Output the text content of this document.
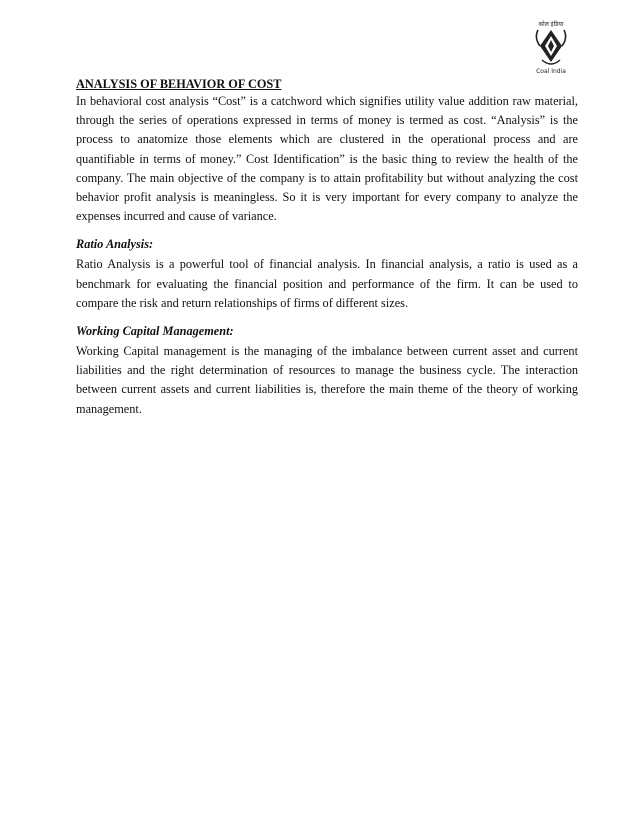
कोल इंडिया
Coal India
ANALYSIS OF BEHAVIOR OF COST

In behavioral cost analysis “Cost” is a catchword which signifies utility value addition raw material, through the series of operations expressed in terms of money is termed as cost. “Analysis” is the process to anatomize those elements which are clustered in the operational process and are quantifiable in terms of money.” Cost Identification” is the basic thing to review the health of the company. The main objective of the company is to attain profitability but without analyzing the cost behavior profit analysis is meaningless. So it is very important for every company to analyze the expenses incurred and cause of variance.

Ratio Analysis:

Ratio Analysis is a powerful tool of financial analysis. In financial analysis, a ratio is used as a benchmark for evaluating the financial position and performance of the firm. It can be used to compare the risk and return relationships of firms of different sizes.

Working Capital Management:

Working Capital management is the managing of the imbalance between current asset and current liabilities and the right determination of resources to manage the business cycle. The interaction between current assets and current liabilities is, therefore the main theme of the theory of working management.
